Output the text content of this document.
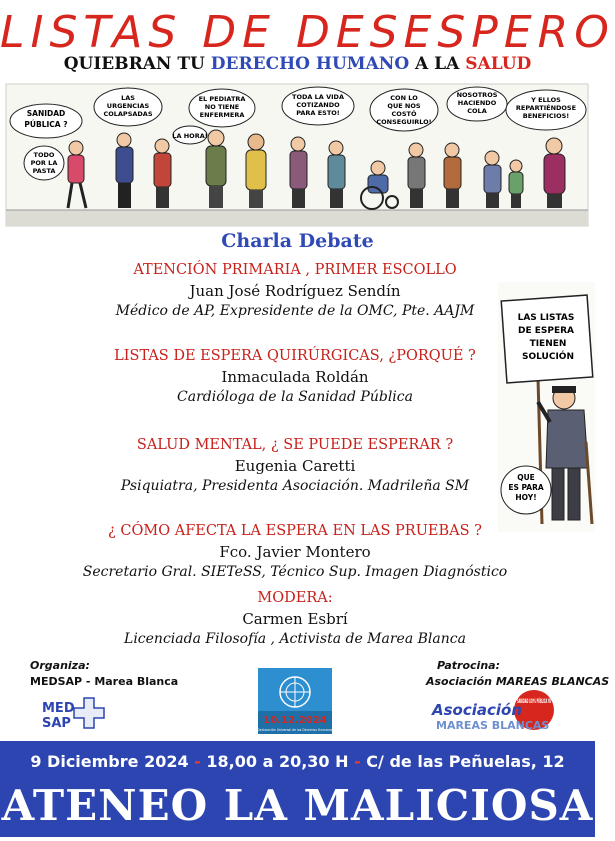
LISTAS DE DESESPERO
QUIEBRAN TU DERECHO HUMANO A LA SALUD
SANIDAD
PÚBLICA ?
LAS
URGENCIAS
COLAPSADAS
EL PEDIATRA
NO TIENE
ENFERMERA
LA HORA!
TODA LA VIDA
COTIZANDO
PARA ESTO!
CON LO
QUE NOS
COSTÓ
CONSEGUIRLO!
NOSOTROS
HACIENDO
COLA
Y ELLOS
REPARTIÉNDOSE
BENEFICIOS!
TODO
POR LA
PASTA
Charla Debate
ATENCIÓN PRIMARIA , PRIMER ESCOLLO
Juan José Rodríguez Sendín
Médico de AP, Expresidente de la OMC, Pte. AAJM
LISTAS DE ESPERA QUIRÚRGICAS, ¿PORQUÉ ?
Inmaculada Roldán
Cardióloga de la Sanidad Pública
SALUD MENTAL, ¿ SE PUEDE ESPERAR ?
Eugenia Caretti
Psiquiatra, Presidenta Asociación. Madrileña SM
¿ CÓMO AFECTA LA ESPERA EN LAS PRUEBAS ?
Fco. Javier Montero
Secretario Gral. SIETeSS, Técnico Sup. Imagen Diagnóstico
MODERA:
Carmen Esbrí
Licenciada Filosofía , Activista de Marea Blanca
LAS LISTAS
DE ESPERA
TIENEN
SOLUCIÓN
QUE
ES PARA
HOY!
Organiza:
MEDSAP - Marea Blanca
MED
SAP	10.12.2024
Declaración Universal de los Derechos Humanos
Patrocina:
Asociación MAREAS BLANCAS
SANIDAD 100% PÚBLICA YA
Asociación
MAREAS BLANCAS
9 Diciembre 2024 - 18,00 a 20,30 H - C/ de las Peñuelas, 12
ATENEO LA MALICIOSA
